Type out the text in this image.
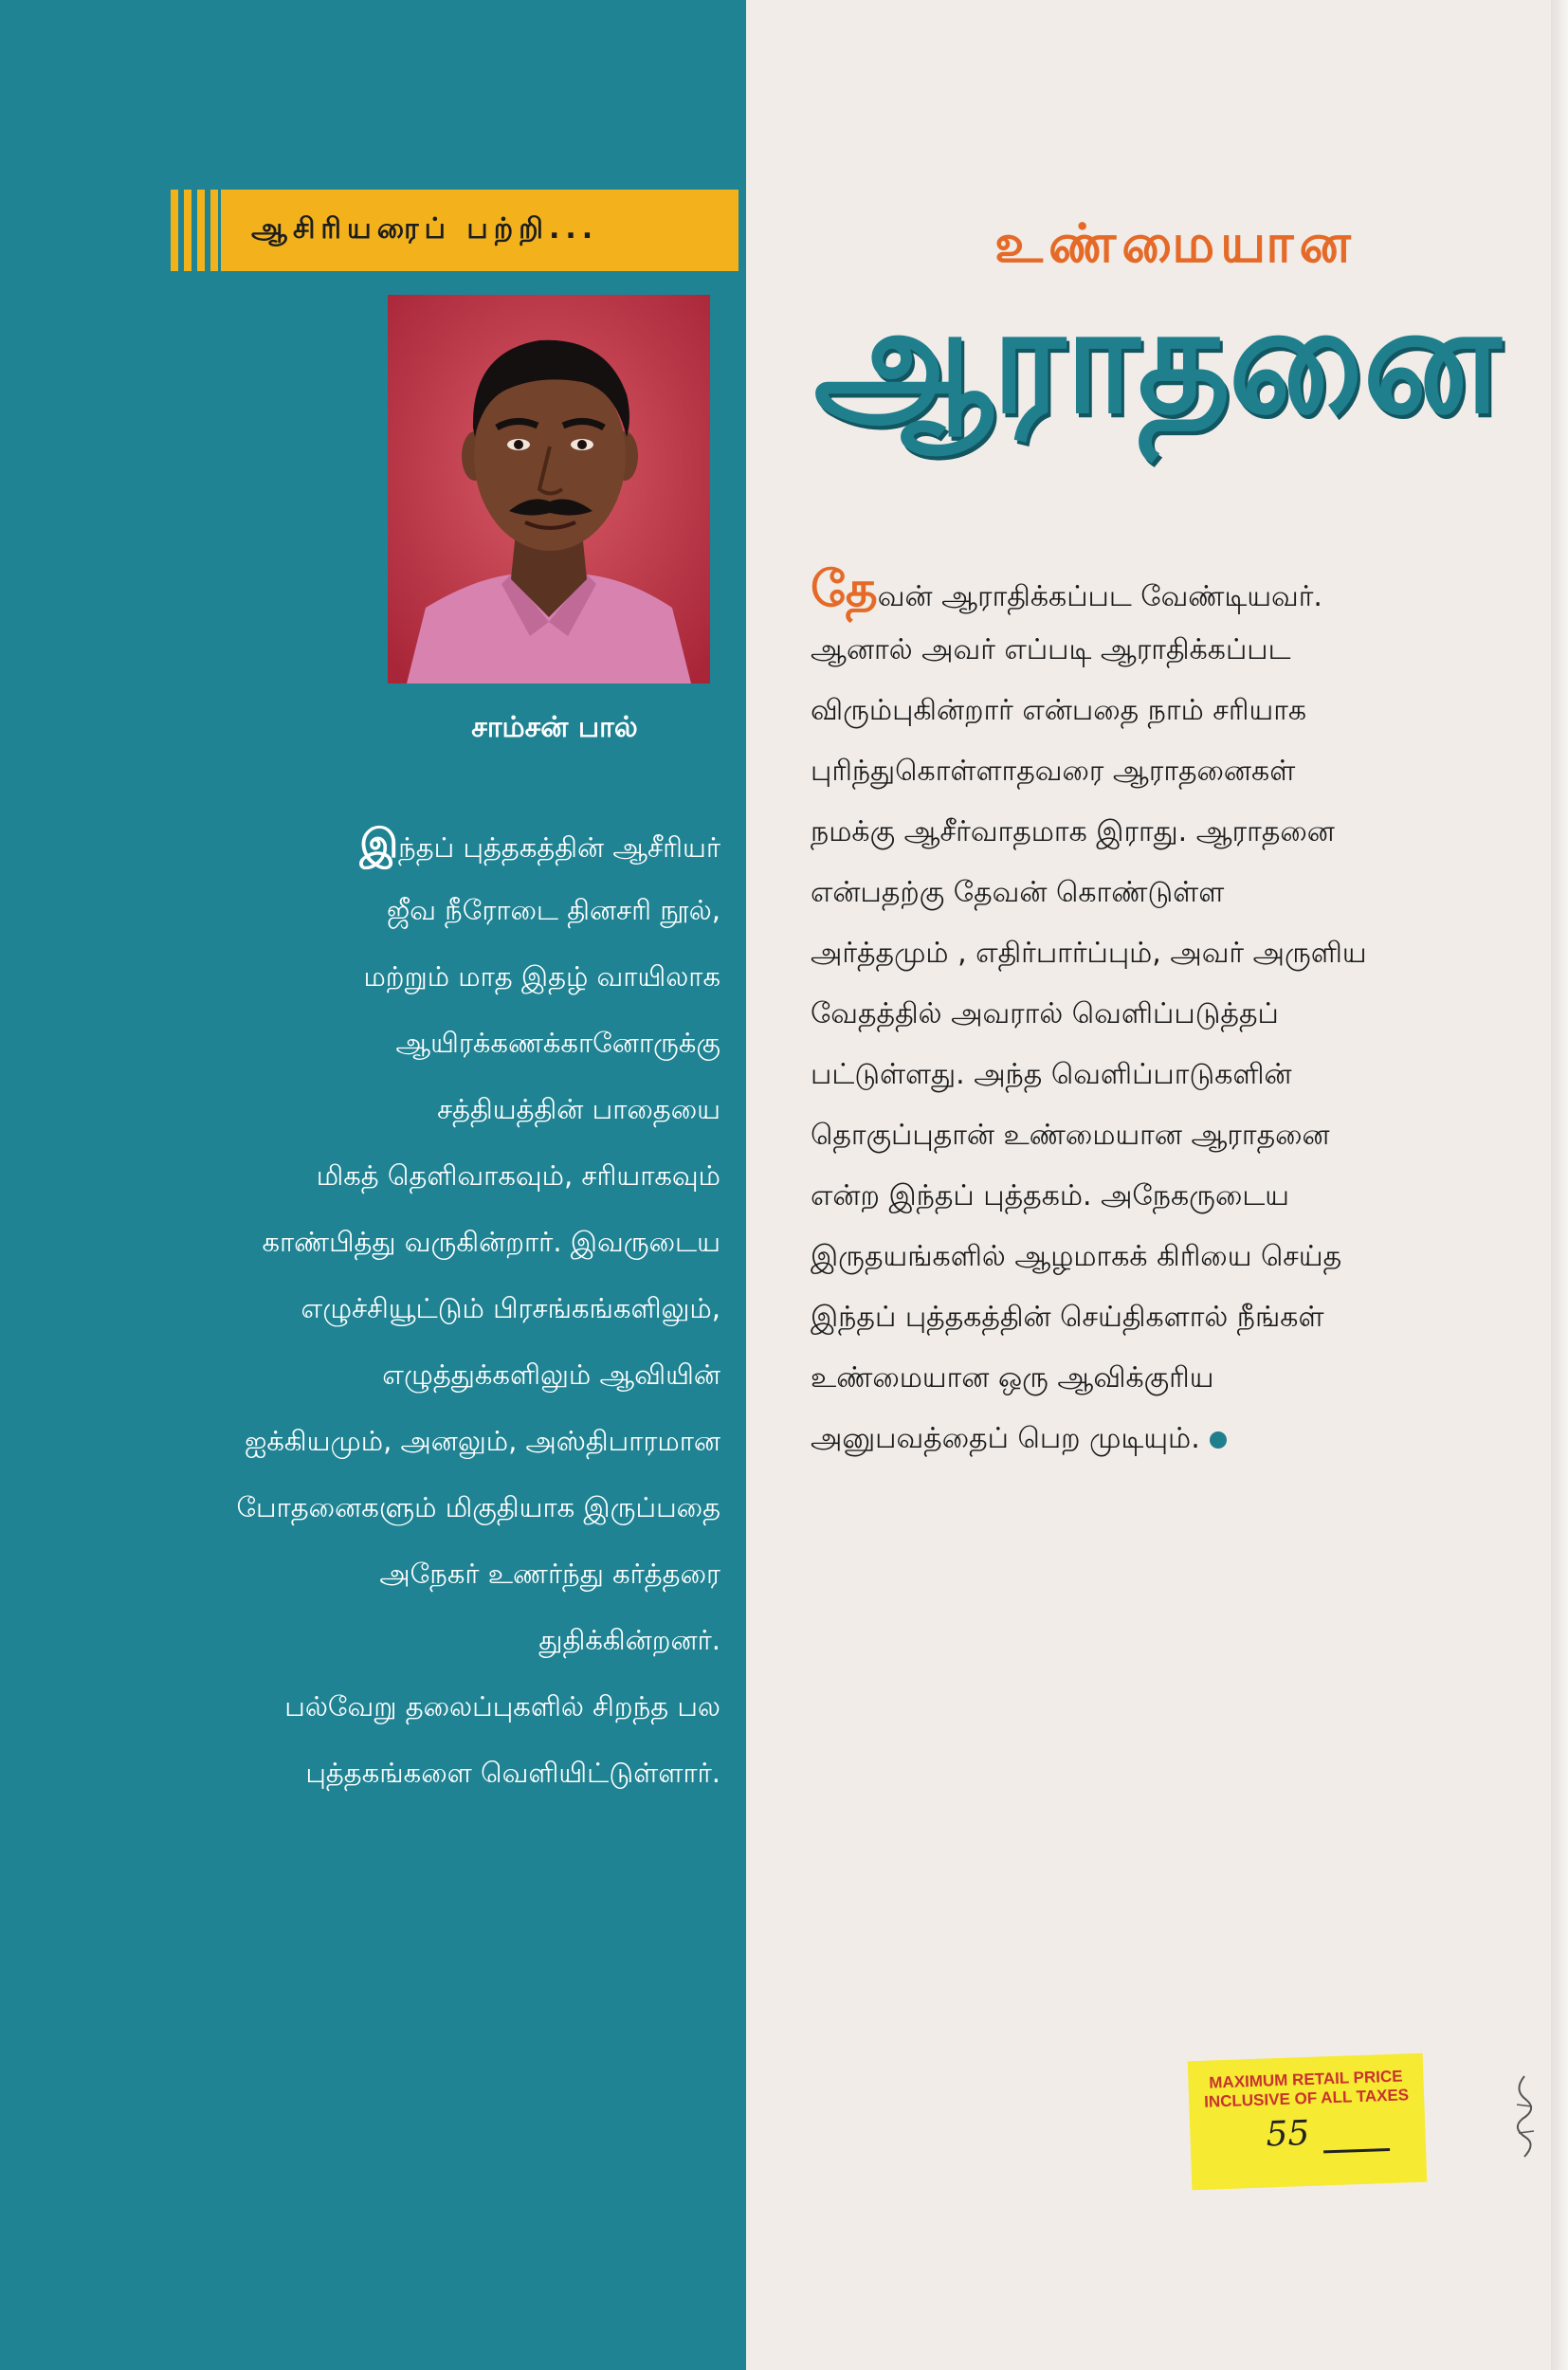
ஆசிரியரைப் பற்றி...
சாம்சன் பால்
இந்தப் புத்தகத்தின் ஆசீரியர்
ஜீவ நீரோடை தினசரி நூல்,
மற்றும் மாத இதழ் வாயிலாக
ஆயிரக்கணக்கானோருக்கு
சத்தியத்தின் பாதையை
மிகத் தெளிவாகவும், சரியாகவும்
காண்பித்து வருகின்றார். இவருடைய
எழுச்சியூட்டும் பிரசங்கங்களிலும்,
எழுத்துக்களிலும் ஆவியின்
ஐக்கியமும், அனலும், அஸ்திபாரமான
போதனைகளும் மிகுதியாக இருப்பதை
அநேகர் உணர்ந்து கர்த்தரை
துதிக்கின்றனர்.
பல்வேறு தலைப்புகளில் சிறந்த பல
புத்தகங்களை வெளியிட்டுள்ளார்.
உண்மையான
ஆராதனை
தேவன் ஆராதிக்கப்பட வேண்டியவர்.
ஆனால் அவர் எப்படி ஆராதிக்கப்பட
விரும்புகின்றார் என்பதை நாம் சரியாக
புரிந்துகொள்ளாதவரை ஆராதனைகள்
நமக்கு ஆசீர்வாதமாக இராது. ஆராதனை
என்பதற்கு தேவன் கொண்டுள்ள
அர்த்தமும் , எதிர்பார்ப்பும், அவர் அருளிய
வேதத்தில் அவரால் வெளிப்படுத்தப்
பட்டுள்ளது. அந்த வெளிப்பாடுகளின்
தொகுப்புதான் உண்மையான ஆராதனை
என்ற இந்தப் புத்தகம். அநேகருடைய
இருதயங்களில் ஆழமாகக் கிரியை செய்த
இந்தப் புத்தகத்தின் செய்திகளால் நீங்கள்
உண்மையான ஒரு ஆவிக்குரிய
அனுபவத்தைப் பெற முடியும்.
MAXIMUM RETAIL PRICE
INCLUSIVE OF ALL TAXES
55
